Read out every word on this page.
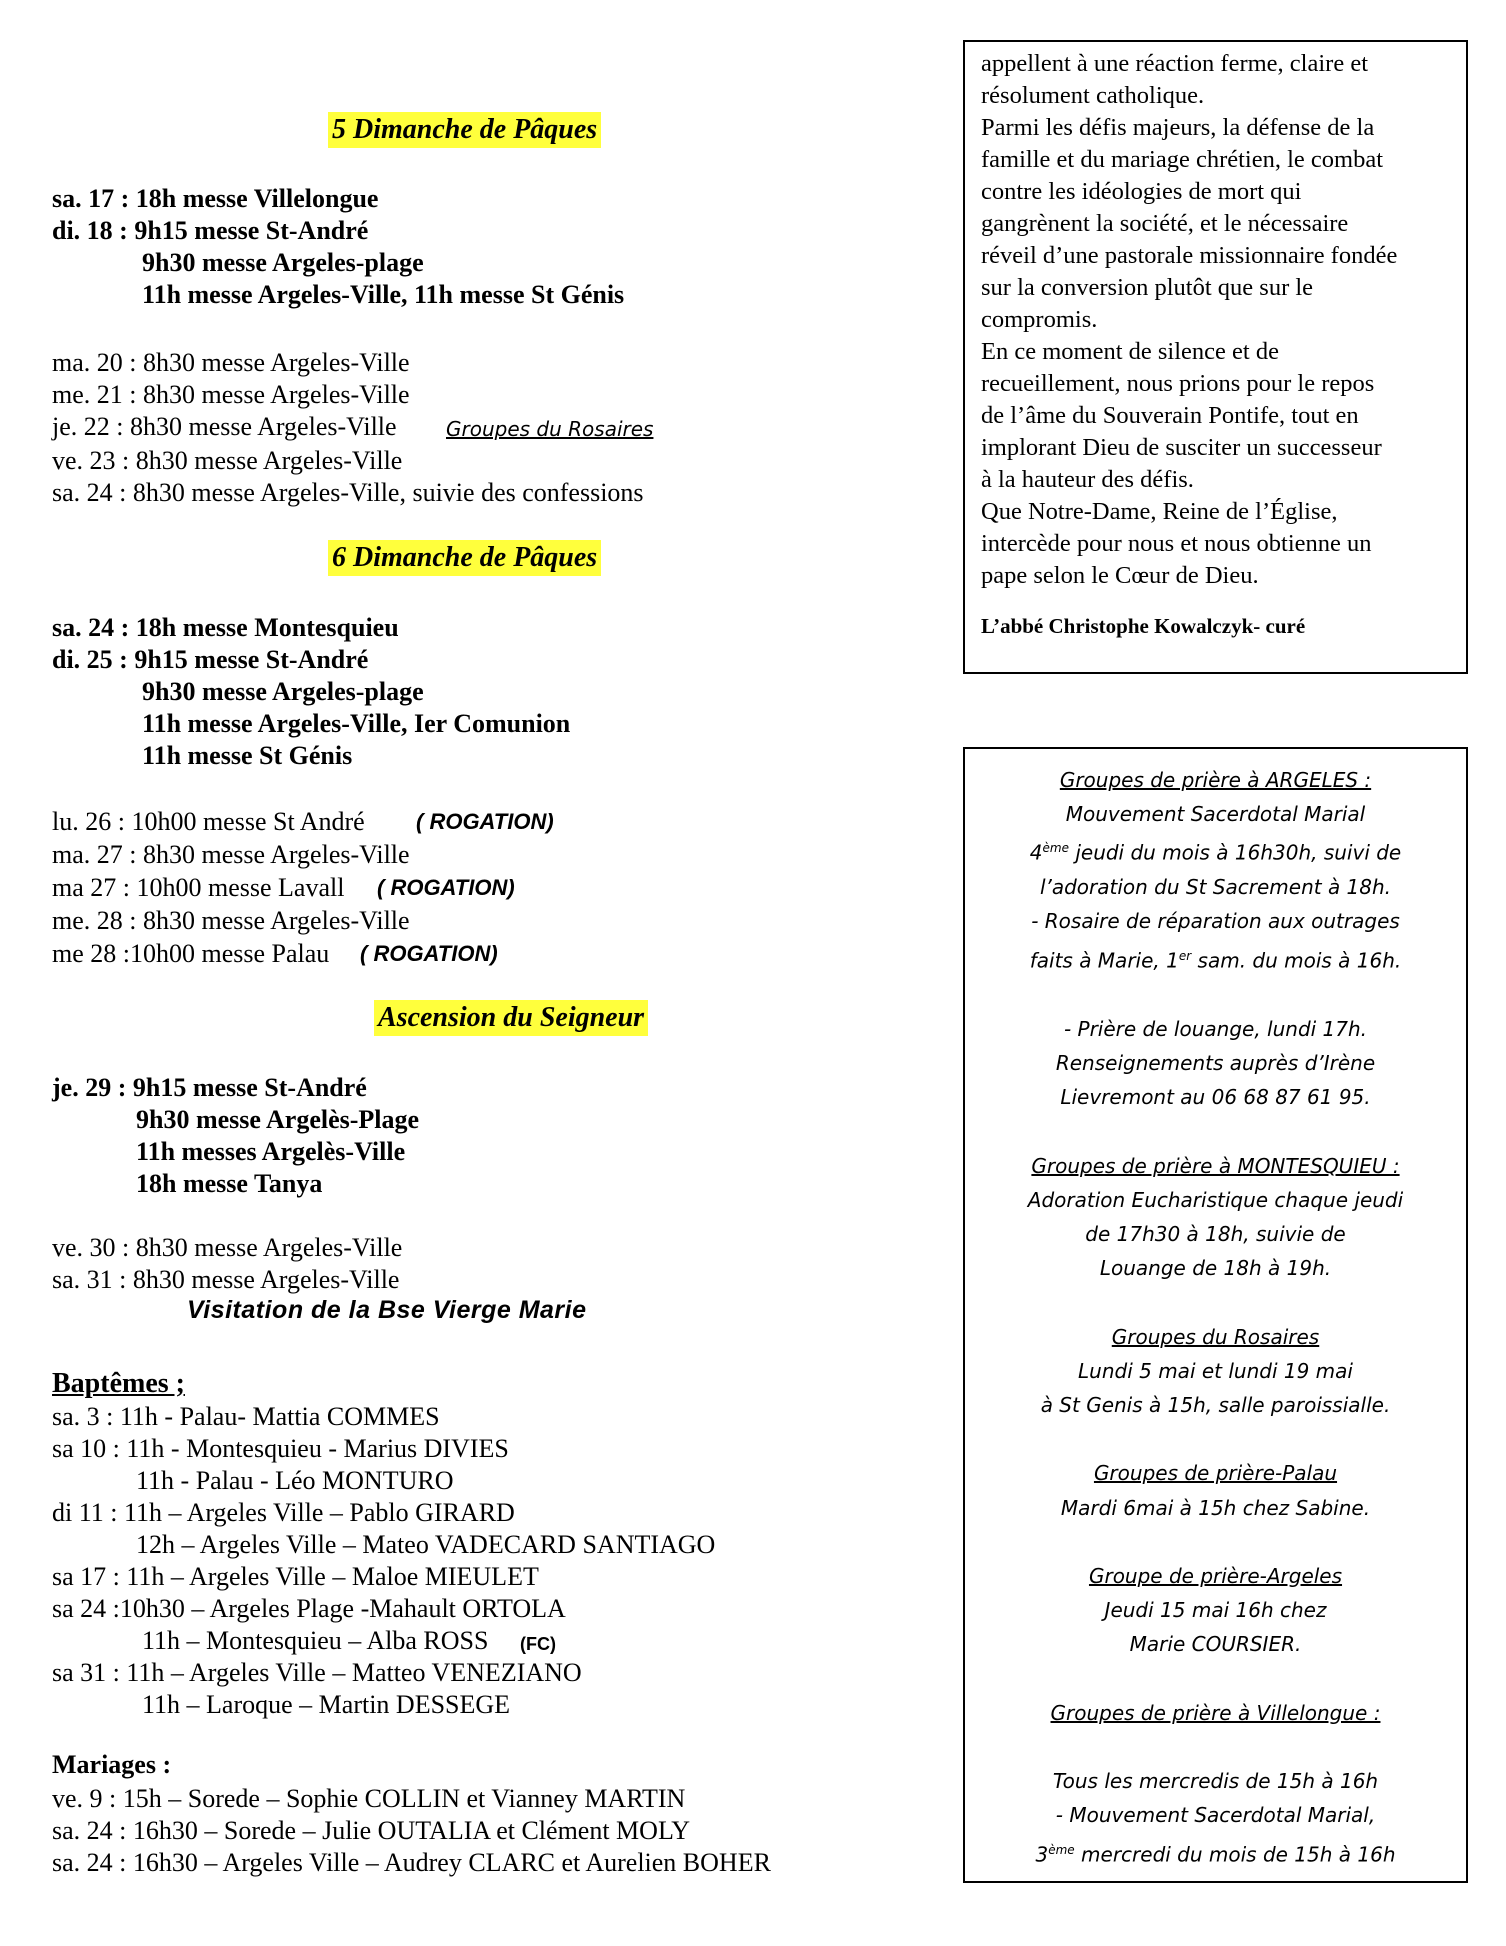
5 Dimanche de Pâques
sa. 17 : 18h messe Villelongue
di. 18 : 9h15 messe St-André
9h30 messe Argeles-plage
11h messe Argeles-Ville, 11h messe St Génis
ma. 20 : 8h30 messe Argeles-Ville
me. 21 : 8h30 messe Argeles-Ville
je. 22 : 8h30 messe Argeles-Ville Groupes du Rosaires
ve. 23 : 8h30 messe Argeles-Ville
sa. 24 : 8h30 messe Argeles-Ville, suivie des confessions
6 Dimanche de Pâques
sa. 24 : 18h messe Montesquieu
di. 25 : 9h15 messe St-André
9h30 messe Argeles-plage
11h messe Argeles-Ville, Ier Comunion
11h messe St Génis
lu. 26 : 10h00 messe St André ( ROGATION)
ma. 27 : 8h30 messe Argeles-Ville
ma 27 : 10h00 messe Lavall ( ROGATION)
me. 28 : 8h30 messe Argeles-Ville
me 28 :10h00 messe Palau ( ROGATION)
Ascension du Seigneur
je. 29 : 9h15 messe St-André
9h30 messe Argelès-Plage
11h messes Argelès-Ville
18h messe Tanya
ve. 30 : 8h30 messe Argeles-Ville
sa. 31 : 8h30 messe Argeles-Ville
Visitation de la Bse Vierge Marie
Baptêmes ;
sa. 3 : 11h - Palau- Mattia COMMES
sa 10 : 11h - Montesquieu - Marius DIVIES
11h - Palau - Léo MONTURO
di 11 : 11h – Argeles Ville – Pablo GIRARD
12h – Argeles Ville – Mateo VADECARD SANTIAGO
sa 17 : 11h – Argeles Ville – Maloe MIEULET
sa 24 :10h30 – Argeles Plage -Mahault ORTOLA
11h – Montesquieu – Alba ROSS (FC)
sa 31 : 11h – Argeles Ville – Matteo VENEZIANO
11h – Laroque – Martin DESSEGE
Mariages :
ve. 9 : 15h – Sorede – Sophie COLLIN et Vianney MARTIN
sa. 24 : 16h30 – Sorede – Julie OUTALIA et Clément MOLY
sa. 24 : 16h30 – Argeles Ville – Audrey CLARC et Aurelien BOHER

appellent à une réaction ferme, claire et

résolument catholique.

Parmi les défis majeurs, la défense de la

famille et du mariage chrétien, le combat

contre les idéologies de mort qui

gangrènent la société, et le nécessaire

réveil d’une pastorale missionnaire fondée

sur la conversion plutôt que sur le

compromis.

En ce moment de silence et de

recueillement, nous prions pour le repos

de l’âme du Souverain Pontife, tout en

implorant Dieu de susciter un successeur

à la hauteur des défis.

Que Notre-Dame, Reine de l’Église,

intercède pour nous et nous obtienne un

pape selon le Cœur de Dieu.

L’abbé Christophe Kowalczyk- curé

Groupes de prière à ARGELES :
Mouvement Sacerdotal Marial
4ème jeudi du mois à 16h30h, suivi de
l’adoration du St Sacrement à 18h.
- Rosaire de réparation aux outrages
faits à Marie, 1er sam. du mois à 16h.
- Prière de louange, lundi 17h.
Renseignements auprès d’Irène
Lievremont au 06 68 87 61 95.
Groupes de prière à MONTESQUIEU :
Adoration Eucharistique chaque jeudi
de 17h30 à 18h, suivie de
Louange de 18h à 19h.
Groupes du Rosaires
Lundi 5 mai et lundi 19 mai
à St Genis à 15h, salle paroissialle.
Groupes de prière-Palau
Mardi 6mai à 15h chez Sabine.
Groupe de prière-Argeles
Jeudi 15 mai 16h chez
Marie COURSIER.
Groupes de prière à Villelongue :
Tous les mercredis de 15h à 16h
- Mouvement Sacerdotal Marial,
3ème mercredi du mois de 15h à 16h
